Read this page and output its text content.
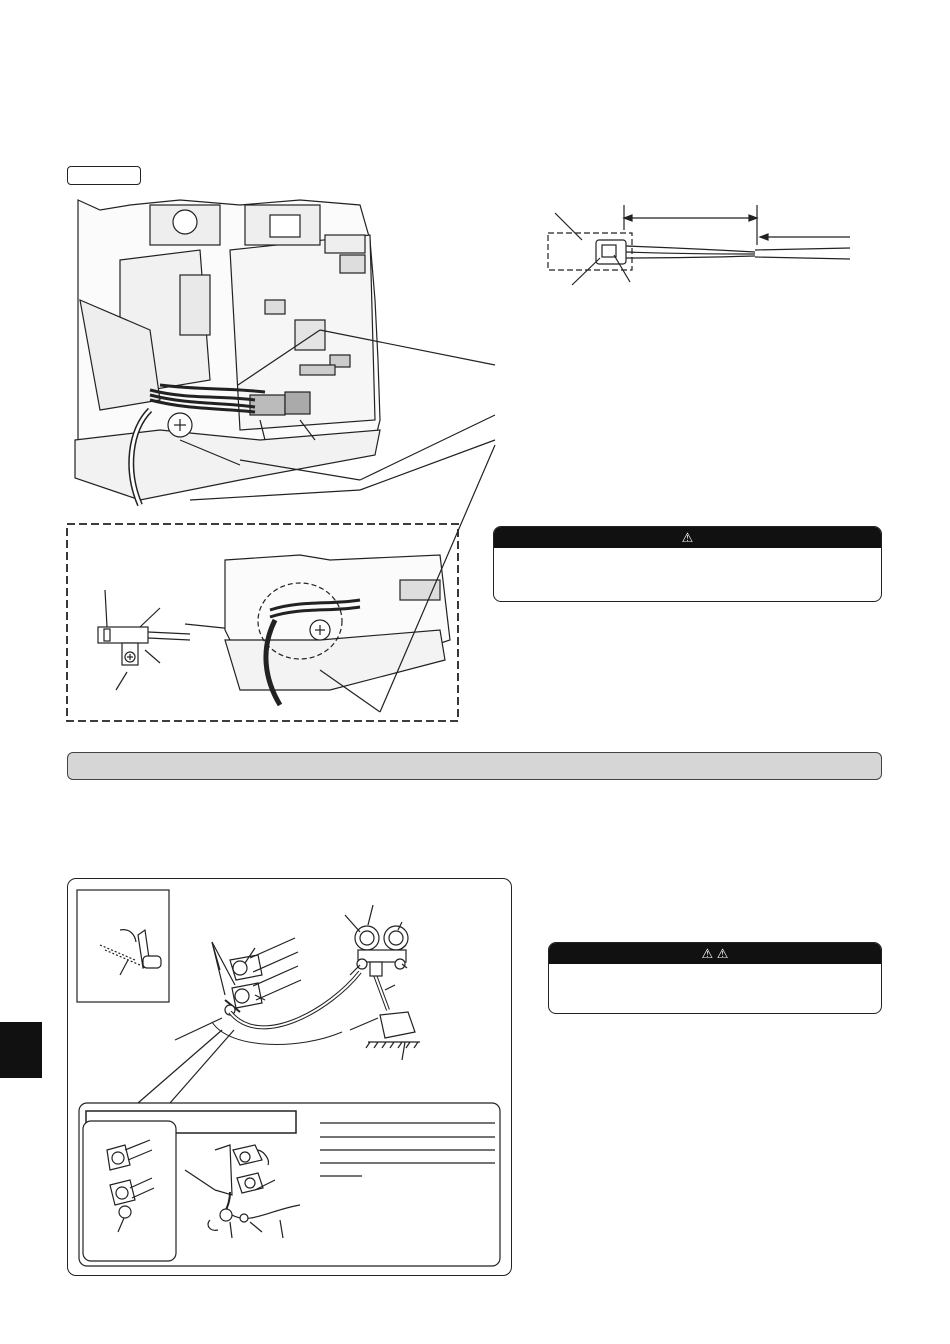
⚠
⚠ ⚠
